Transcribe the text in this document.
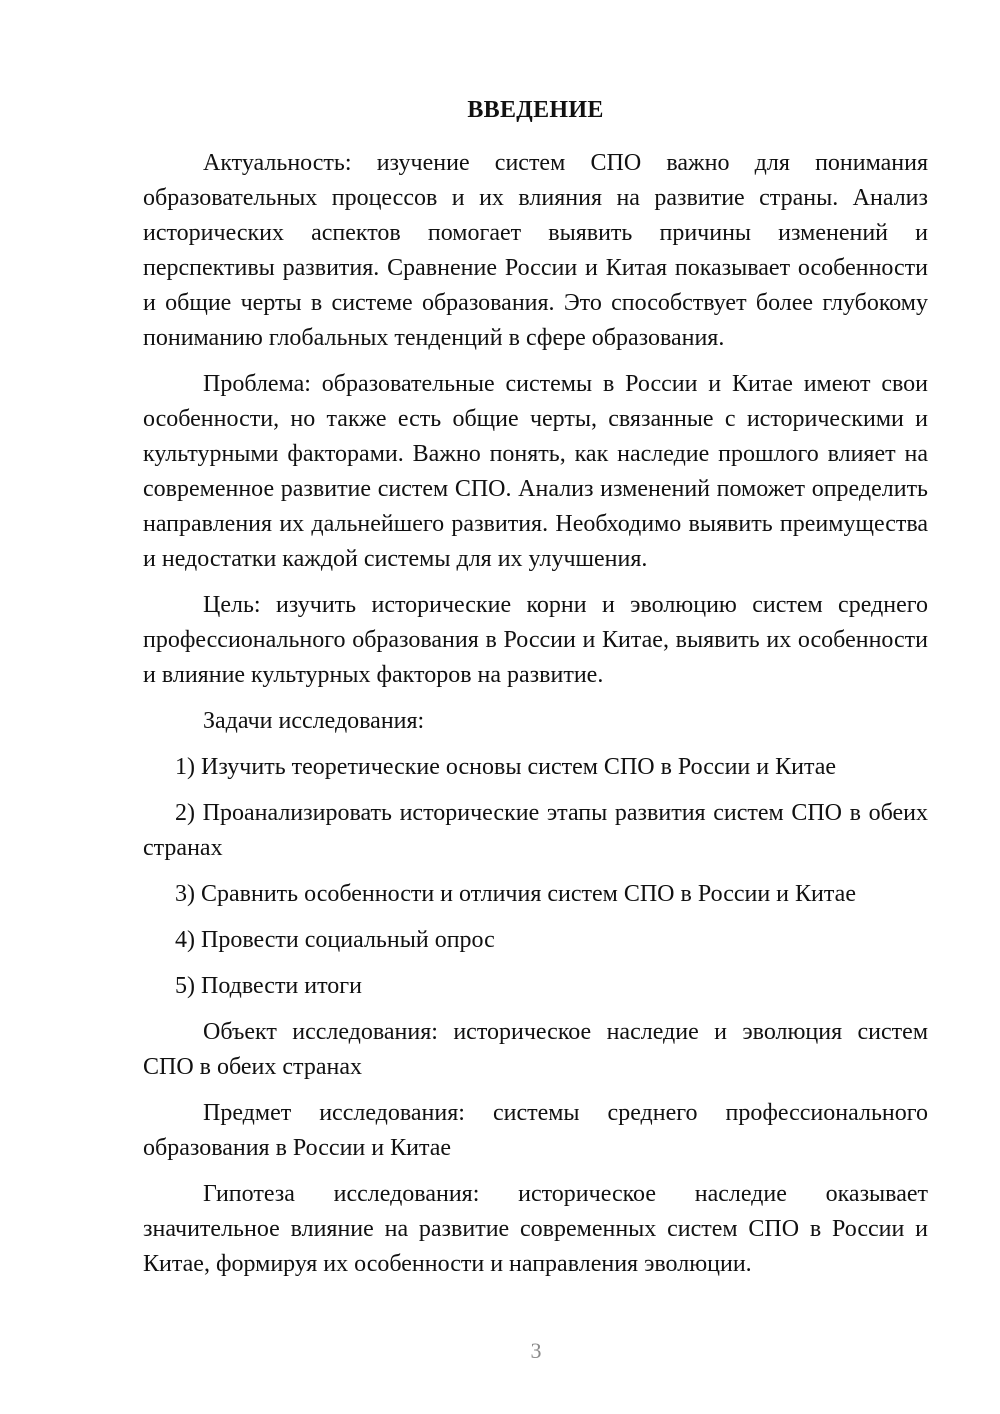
ВВЕДЕНИЕ

Актуальность: изучение систем СПО важно для понимания образовательных процессов и их влияния на развитие страны. Анализ исторических аспектов помогает выявить причины изменений и перспективы развития. Сравнение России и Китая показывает особенности и общие черты в системе образования. Это способствует более глубокому пониманию глобальных тенденций в сфере образования.

Проблема: образовательные системы в России и Китае имеют свои особенности, но также есть общие черты, связанные с историческими и культурными факторами. Важно понять, как наследие прошлого влияет на современное развитие систем СПО. Анализ изменений поможет определить направления их дальнейшего развития. Необходимо выявить преимущества и недостатки каждой системы для их улучшения.

Цель: изучить исторические корни и эволюцию систем среднего профессионального образования в России и Китае, выявить их особенности и влияние культурных факторов на развитие.

Задачи исследования:

1) Изучить теоретические основы систем СПО в России и Китае
2) Проанализировать исторические этапы развития систем СПО в обеих странах
3) Сравнить особенности и отличия систем СПО в России и Китае
4) Провести социальный опрос
5) Подвести итоги

Объект исследования: историческое наследие и эволюция систем СПО в обеих странах

Предмет исследования: системы среднего профессионального образования в России и Китае

Гипотеза исследования: историческое наследие оказывает значительное влияние на развитие современных систем СПО в России и Китае, формируя их особенности и направления эволюции.

3
